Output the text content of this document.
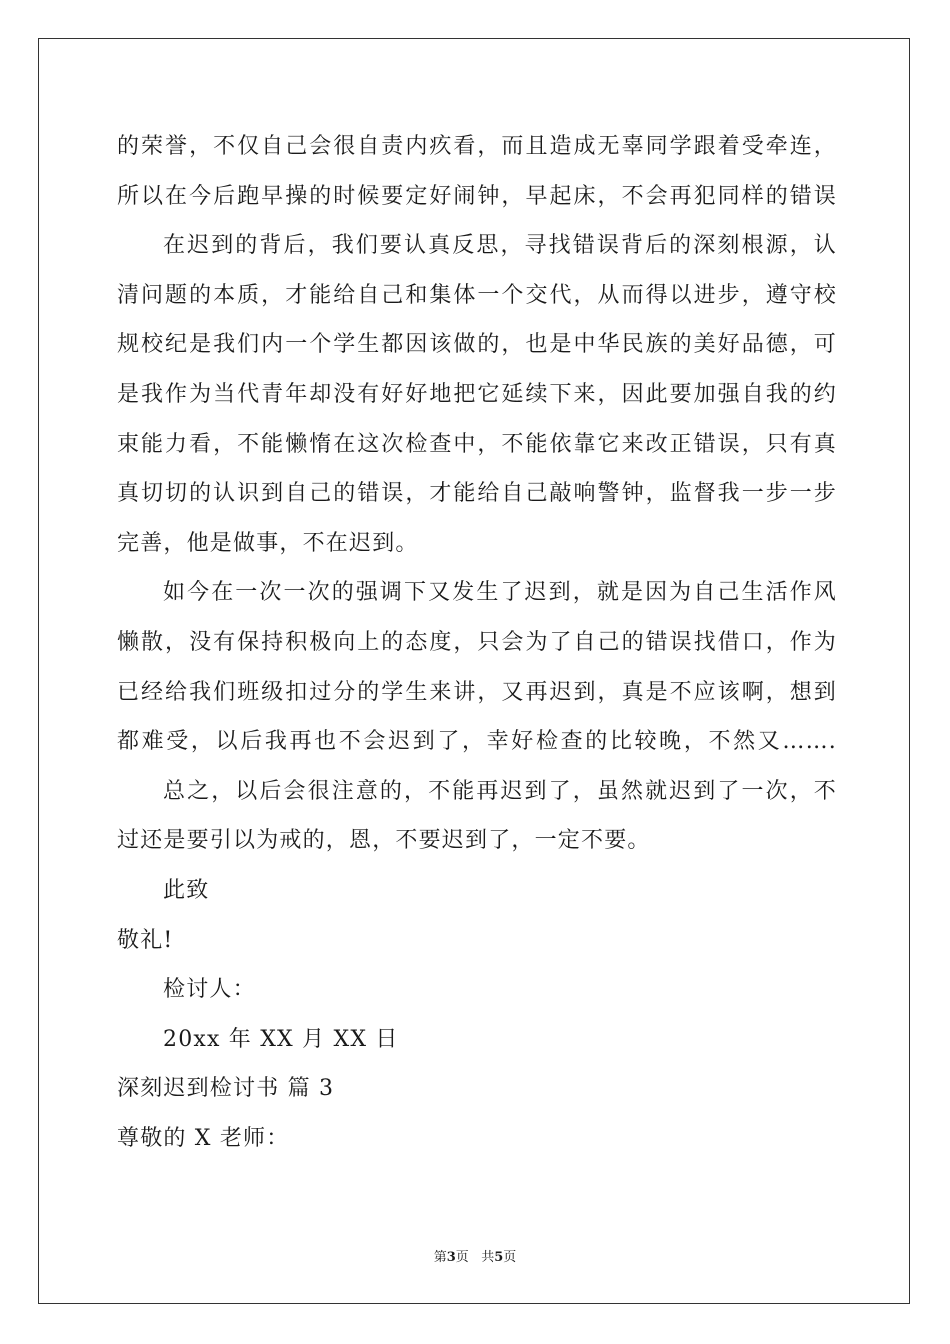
的荣誉，不仅自己会很自责内疚看，而且造成无辜同学跟着受牵连，
所以在今后跑早操的时候要定好闹钟，早起床，不会再犯同样的错误
在迟到的背后，我们要认真反思，寻找错误背后的深刻根源，认
清问题的本质，才能给自己和集体一个交代，从而得以进步，遵守校
规校纪是我们内一个学生都因该做的，也是中华民族的美好品德，可
是我作为当代青年却没有好好地把它延续下来，因此要加强自我的约
束能力看，不能懒惰在这次检查中，不能依靠它来改正错误，只有真
真切切的认识到自己的错误，才能给自己敲响警钟，监督我一步一步
完善，他是做事，不在迟到。
如今在一次一次的强调下又发生了迟到，就是因为自己生活作风
懒散，没有保持积极向上的态度，只会为了自己的错误找借口，作为
已经给我们班级扣过分的学生来讲，又再迟到，真是不应该啊，想到
都难受，以后我再也不会迟到了，幸好检查的比较晚，不然又…….
总之，以后会很注意的，不能再迟到了，虽然就迟到了一次，不
过还是要引以为戒的，恩，不要迟到了，一定不要。
此致
敬礼!
检讨人：
20xx 年 XX 月 XX 日
深刻迟到检讨书 篇 3
尊敬的 X 老师：
第3页 共5页
